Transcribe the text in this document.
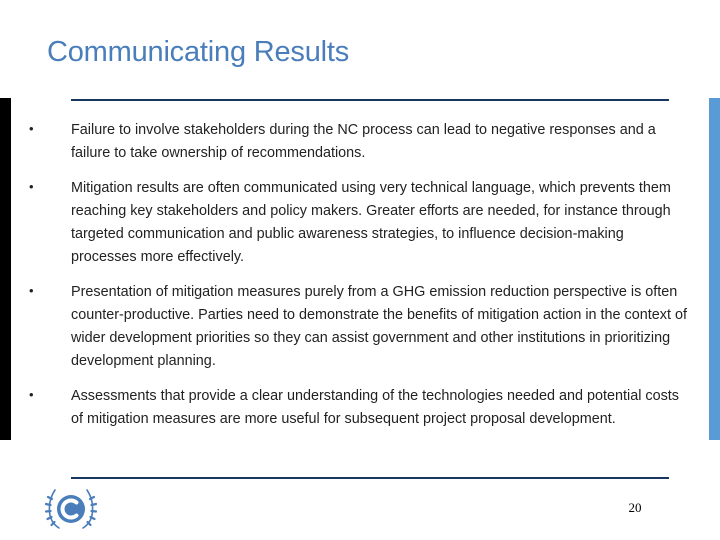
Communicating Results
•	Failure to involve stakeholders during the NC process can lead to negative responses and a failure to take ownership of recommendations.
•	Mitigation results are often communicated using very technical language, which prevents them reaching key stakeholders and policy makers. Greater efforts are needed, for instance through targeted communication and public awareness strategies, to influence decision-making processes more effectively.
•	Presentation of mitigation measures purely from a GHG emission reduction perspective is often counter-productive. Parties need to demonstrate the benefits of mitigation action in the context of wider development priorities so they can assist government and other institutions in prioritizing development planning.
•	Assessments that provide a clear understanding of the technologies needed and potential costs of mitigation measures are more useful for subsequent project proposal development.
20
